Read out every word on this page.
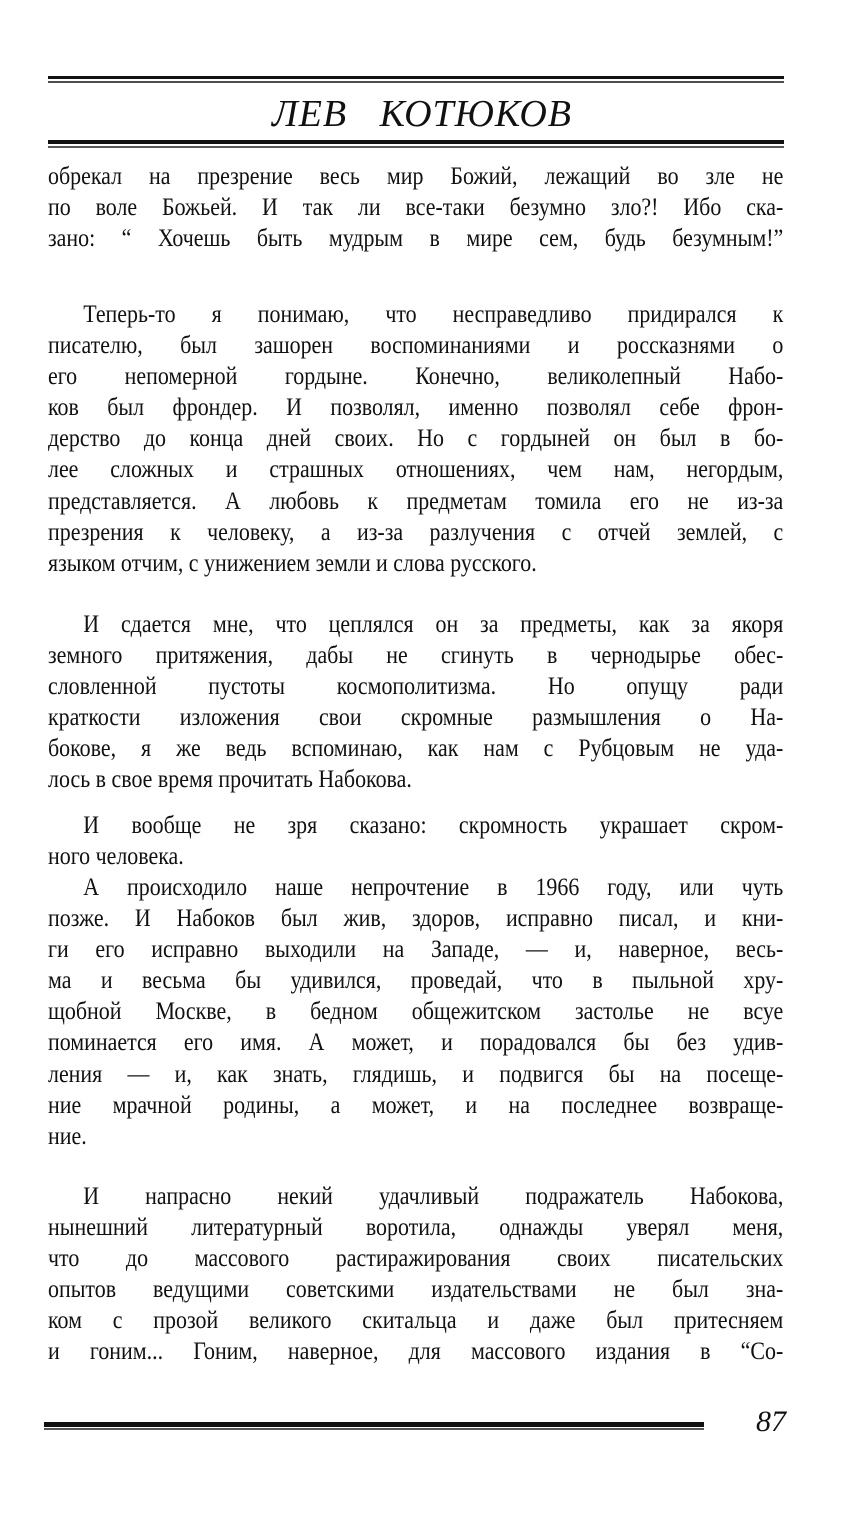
ЛЕВ КОТЮКОВ
обрекал на презрение весь мир Божий, лежащий во зле не
по воле Божьей. И так ли все-таки безумно зло?! Ибо ска-
зано: “ Хочешь быть мудрым в мире сем, будь безумным!”
Теперь-то я понимаю, что несправедливо придирался к
писателю, был зашорен воспоминаниями и россказнями о
его непомерной гордыне. Конечно, великолепный Набо-
ков был фрондер. И позволял, именно позволял себе фрон-
дерство до конца дней своих. Но с гордыней он был в бо-
лее сложных и страшных отношениях, чем нам, негордым,
представляется. А любовь к предметам томила его не из-за
презрения к человеку, а из-за разлучения с отчей землей, с
языком отчим, с унижением земли и слова русского.
И сдается мне, что цеплялся он за предметы, как за якоря
земного притяжения, дабы не сгинуть в чернодырье обес-
словленной пустоты космополитизма. Но опущу ради
краткости изложения свои скромные размышления о На-
бокове, я же ведь вспоминаю, как нам с Рубцовым не уда-
лось в свое время прочитать Набокова.
И вообще не зря сказано: скромность украшает скром-
ного человека.
А происходило наше непрочтение в 1966 году, или чуть
позже. И Набоков был жив, здоров, исправно писал, и кни-
ги его исправно выходили на Западе, — и, наверное, весь-
ма и весьма бы удивился, проведай, что в пыльной хру-
щобной Москве, в бедном общежитском застолье не всуе
поминается его имя. А может, и порадовался бы без удив-
ления — и, как знать, глядишь, и подвигся бы на посеще-
ние мрачной родины, а может, и на последнее возвраще-
ние.
И напрасно некий удачливый подражатель Набокова,
нынешний литературный воротила, однажды уверял меня,
что до массового растиражирования своих писательских
опытов ведущими советскими издательствами не был зна-
ком с прозой великого скитальца и даже был притесняем
и гоним... Гоним, наверное, для массового издания в “Со-
87
